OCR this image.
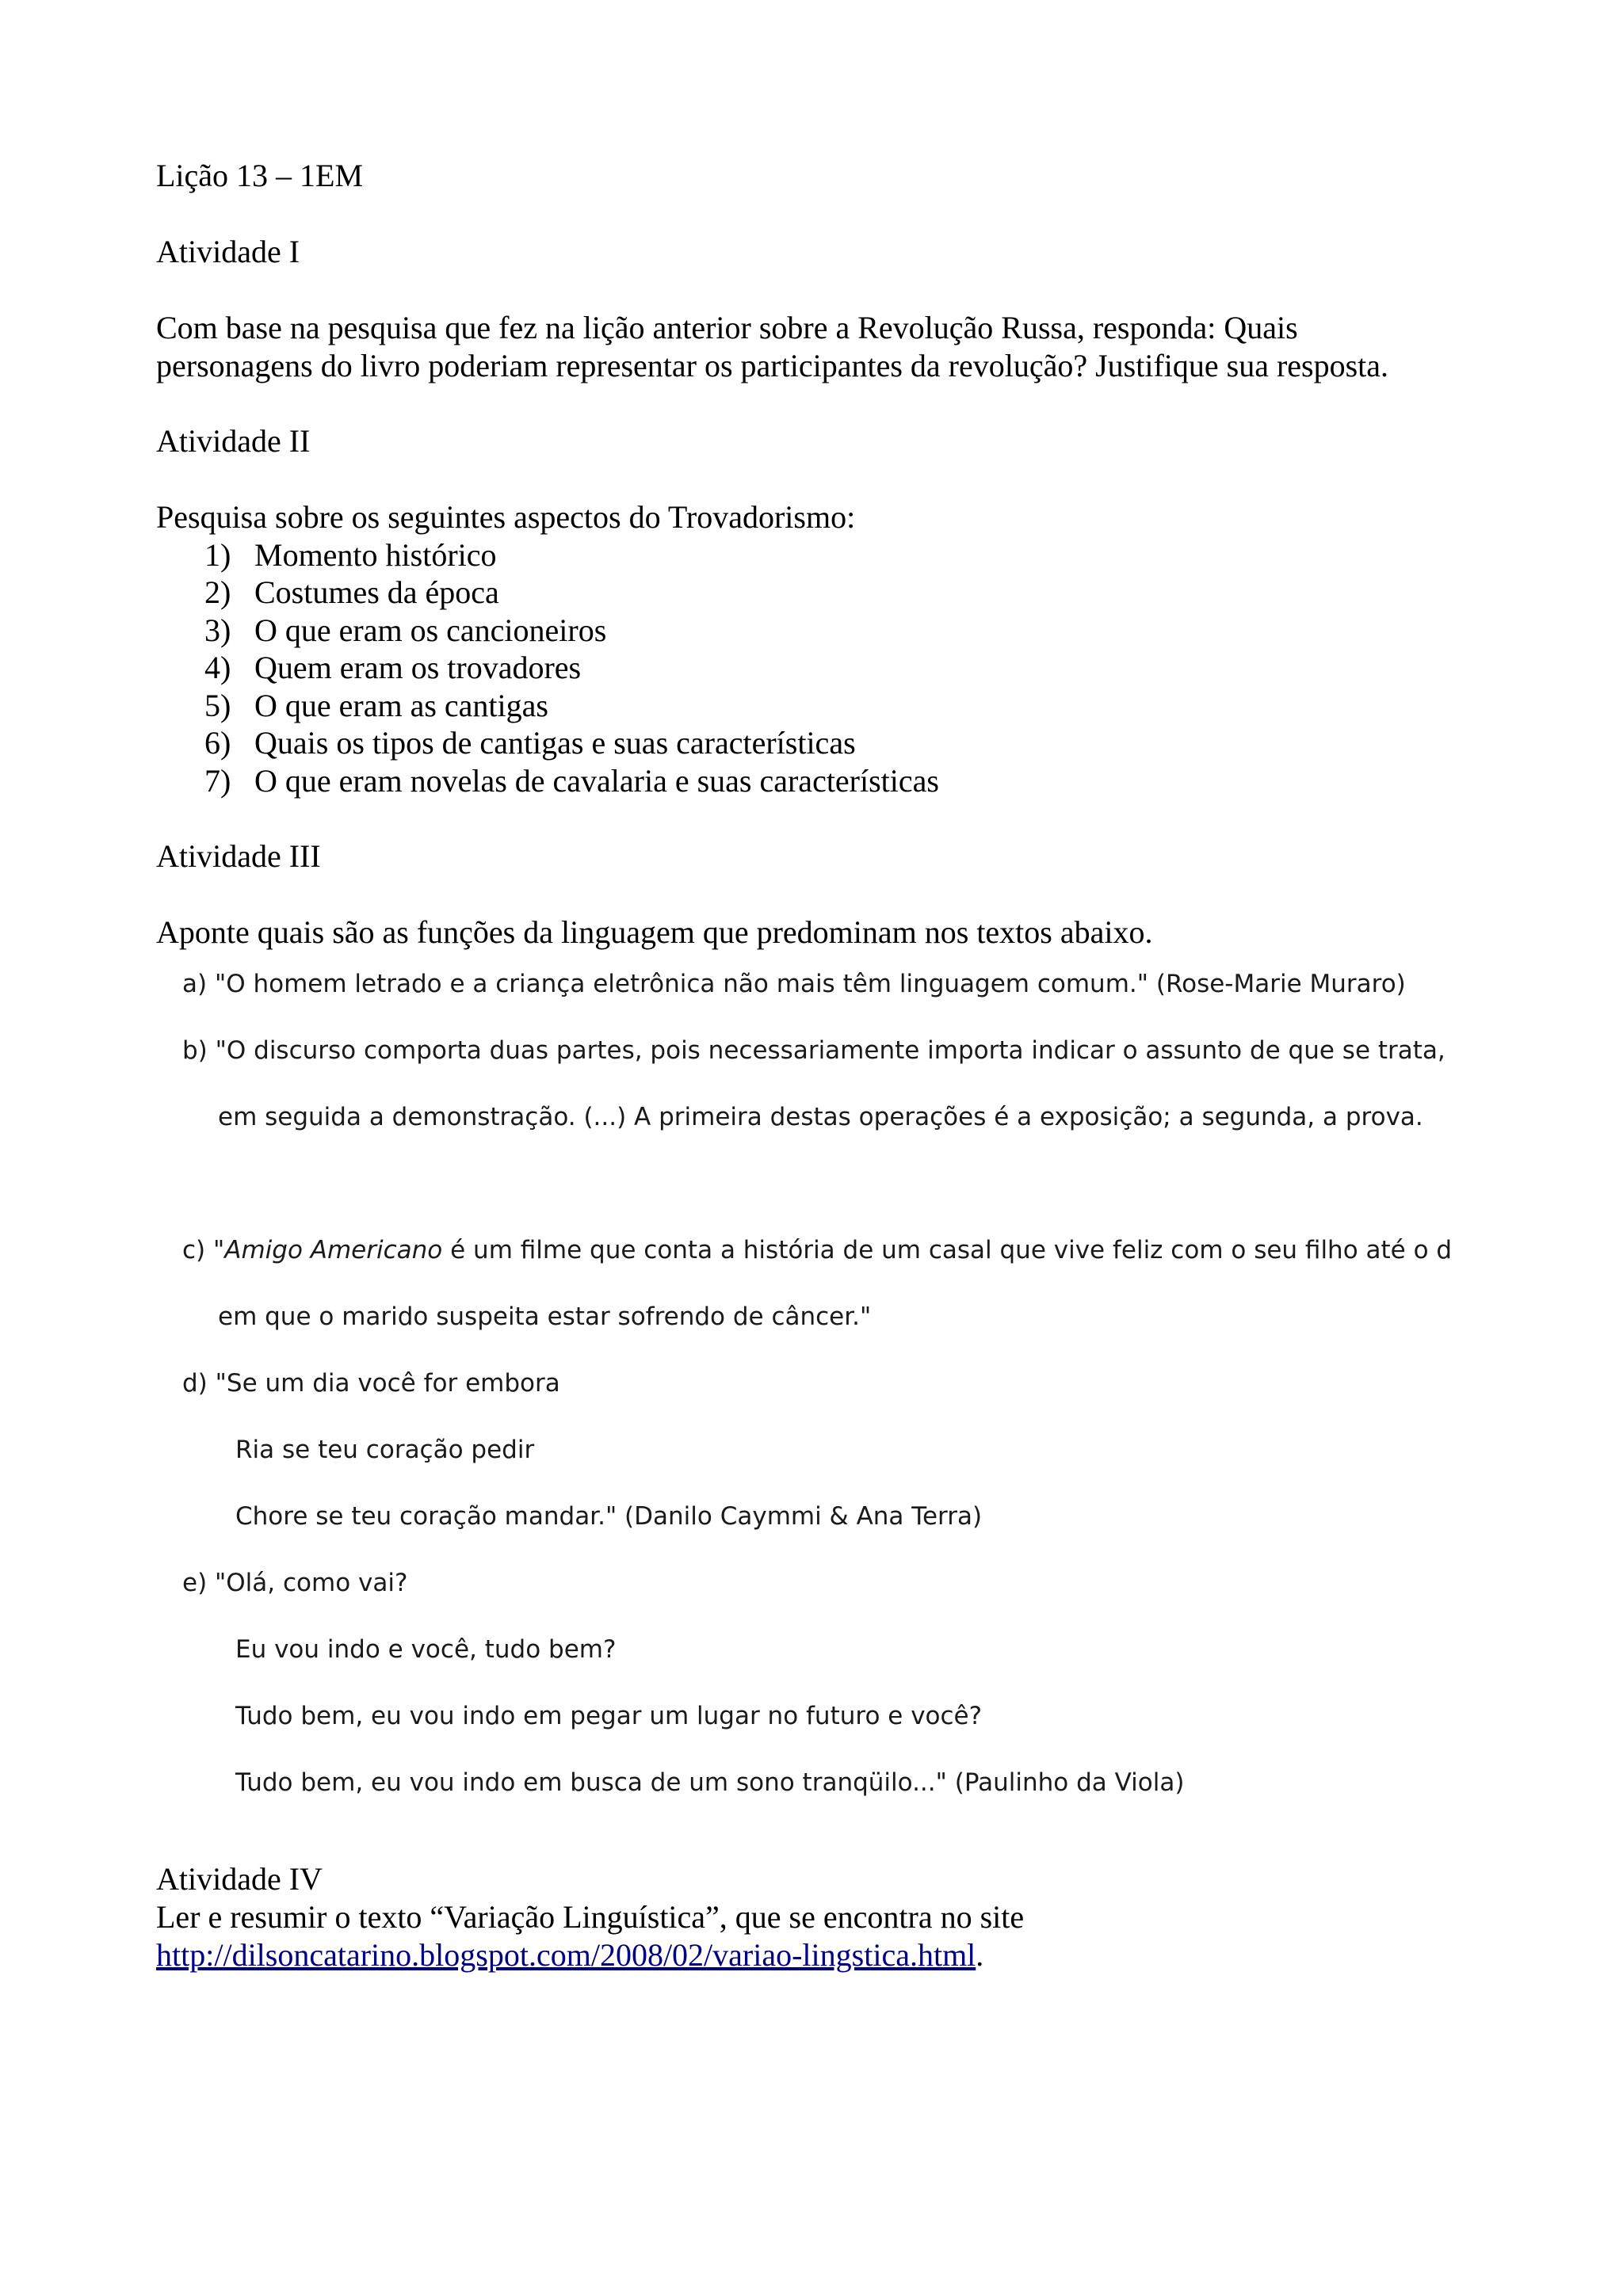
Lição 13 – 1EM
Atividade I
Com base na pesquisa que fez na lição anterior sobre a Revolução Russa, responda: Quais
personagens do livro poderiam representar os participantes da revolução? Justifique sua resposta.
Atividade II
Pesquisa sobre os seguintes aspectos do Trovadorismo:
1) Momento histórico
2) Costumes da época
3) O que eram os cancioneiros
4) Quem eram os trovadores
5) O que eram as cantigas
6) Quais os tipos de cantigas e suas características
7) O que eram novelas de cavalaria e suas características
Atividade III
Aponte quais são as funções da linguagem que predominam nos textos abaixo.
a) "O homem letrado e a criança eletrônica não mais têm linguagem comum." (Rose-Marie Muraro)
b) "O discurso comporta duas partes, pois necessariamente importa indicar o assunto de que se trata,
em seguida a demonstração. (...) A primeira destas operações é a exposição; a segunda, a prova.
c) "Amigo Americano é um filme que conta a história de um casal que vive feliz com o seu filho até o d
em que o marido suspeita estar sofrendo de câncer."
d) "Se um dia você for embora
Ria se teu coração pedir
Chore se teu coração mandar." (Danilo Caymmi & Ana Terra)
e) "Olá, como vai?
Eu vou indo e você, tudo bem?
Tudo bem, eu vou indo em pegar um lugar no futuro e você?
Tudo bem, eu vou indo em busca de um sono tranqüilo..." (Paulinho da Viola)
Atividade IV
Ler e resumir o texto “Variação Linguística”, que se encontra no site
http://dilsoncatarino.blogspot.com/2008/02/variao-lingstica.html.
